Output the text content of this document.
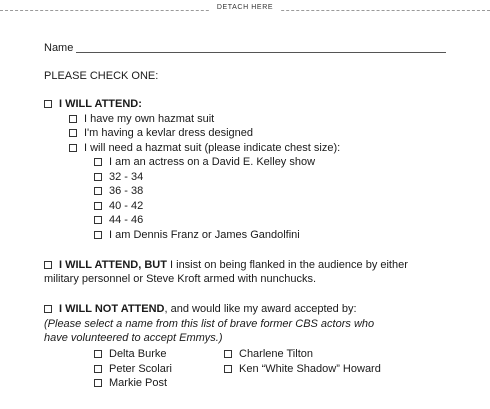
DETACH HERE
Name
PLEASE CHECK ONE:
I WILL ATTEND:
I have my own hazmat suit
I'm having a kevlar dress designed
I will need a hazmat suit (please indicate chest size):
I am an actress on a David E. Kelley show
32 - 34
36 - 38
40 - 42
44 - 46
I am Dennis Franz or James Gandolfini
I WILL ATTEND, BUT I insist on being flanked in the audience by either
military personnel or Steve Kroft armed with nunchucks.
I WILL NOT ATTEND, and would like my award accepted by:
(Please select a name from this list of brave former CBS actors who
have volunteered to accept Emmys.)
Delta Burke
Peter Scolari
Markie Post
Charlene Tilton
Ken “White Shadow” Howard
